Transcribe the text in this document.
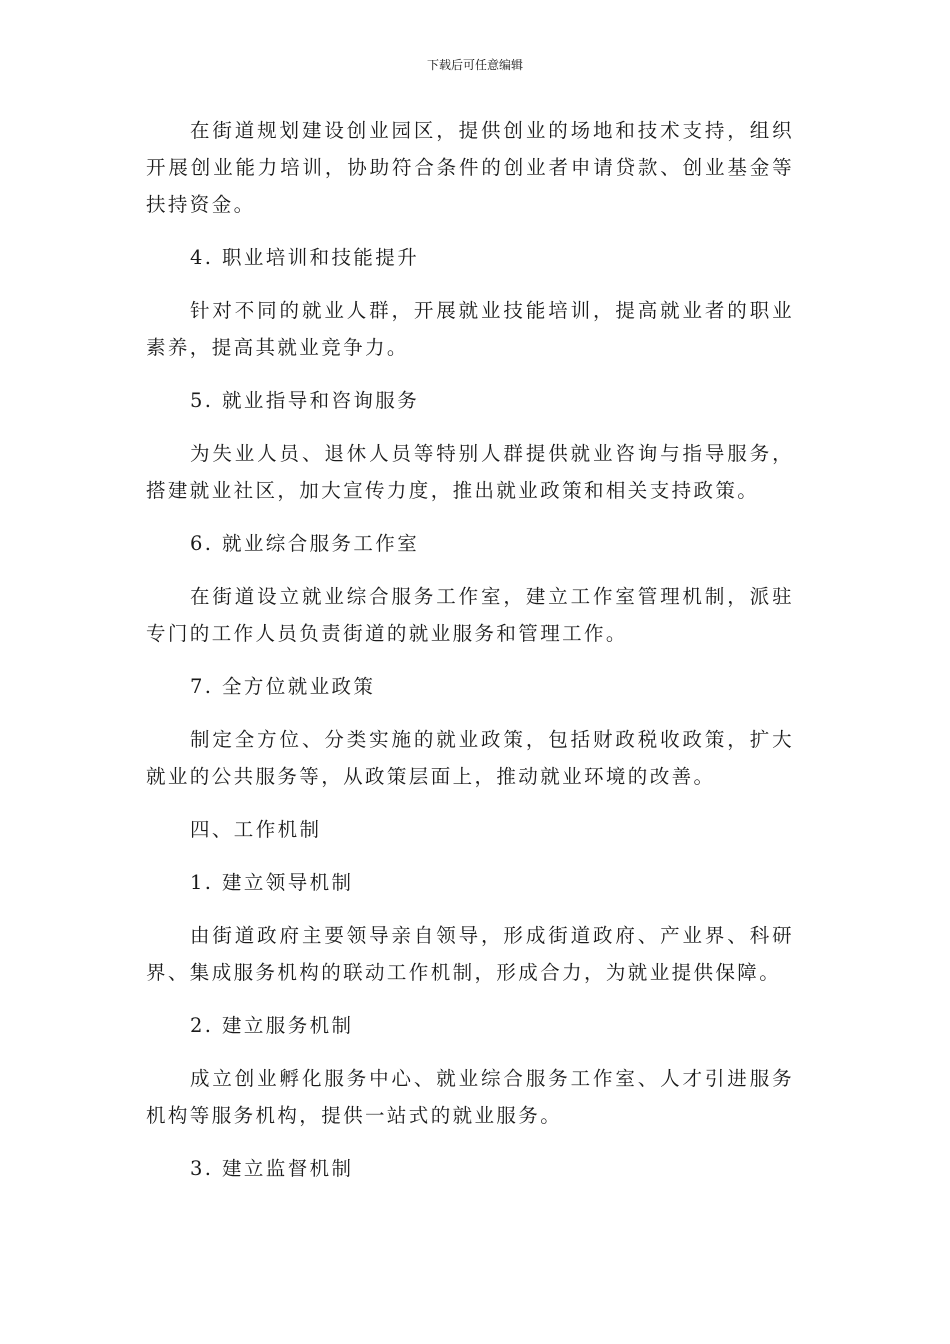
下载后可任意编辑

在街道规划建设创业园区，提供创业的场地和技术支持，组织开展创业能力培训，协助符合条件的创业者申请贷款、创业基金等扶持资金。

4. 职业培训和技能提升

针对不同的就业人群，开展就业技能培训，提高就业者的职业素养，提高其就业竞争力。

5. 就业指导和咨询服务

为失业人员、退休人员等特别人群提供就业咨询与指导服务，搭建就业社区，加大宣传力度，推出就业政策和相关支持政策。

6. 就业综合服务工作室

在街道设立就业综合服务工作室，建立工作室管理机制，派驻专门的工作人员负责街道的就业服务和管理工作。

7. 全方位就业政策

制定全方位、分类实施的就业政策，包括财政税收政策，扩大就业的公共服务等，从政策层面上，推动就业环境的改善。

四、工作机制

1. 建立领导机制

由街道政府主要领导亲自领导，形成街道政府、产业界、科研界、集成服务机构的联动工作机制，形成合力，为就业提供保障。

2. 建立服务机制

成立创业孵化服务中心、就业综合服务工作室、人才引进服务机构等服务机构，提供一站式的就业服务。

3. 建立监督机制
